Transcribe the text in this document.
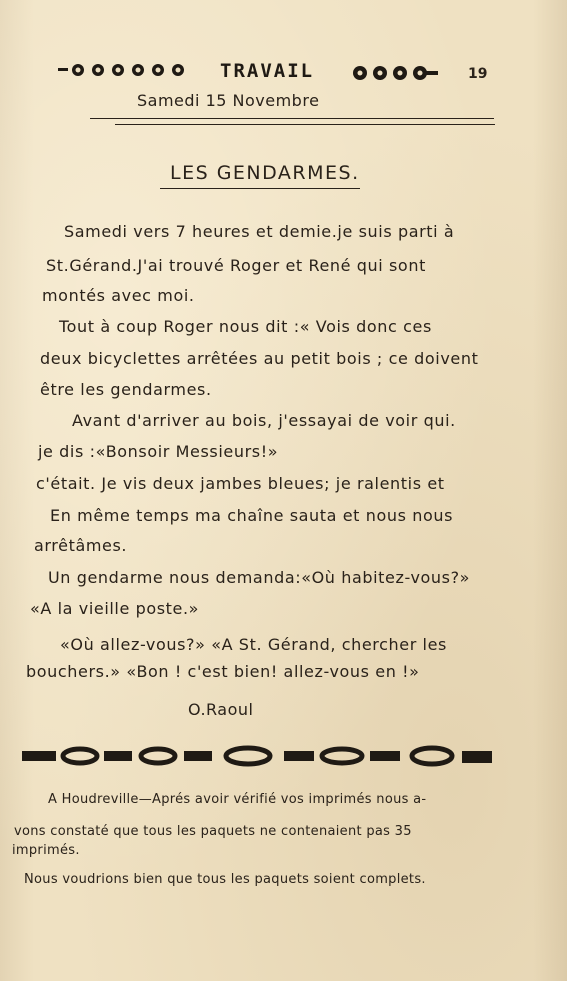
TRAVAIL	19
Samedi 15 Novembre
LES GENDARMES.
Samedi vers 7 heures et demie.je suis parti à
St.Gérand.J'ai trouvé Roger et René qui sont
montés avec moi.
Tout à coup Roger nous dit :« Vois donc ces
deux bicyclettes arrêtées au petit bois ; ce doivent
être les gendarmes.
Avant d'arriver au bois, j'essayai de voir qui.
je dis :«Bonsoir Messieurs!»
c'était. Je vis deux jambes bleues; je ralentis et
En même temps ma chaîne sauta et nous nous
arrêtâmes.
Un gendarme nous demanda:«Où habitez-vous?»
«A la vieille poste.»
«Où allez-vous?» «A St. Gérand, chercher les
bouchers.» «Bon ! c'est bien! allez-vous en !»
O.Raoul
A Houdreville—Aprés avoir vérifié vos imprimés nous a-
vons constaté que tous les paquets ne contenaient pas 35
imprimés.
Nous voudrions bien que tous les paquets soient complets.
